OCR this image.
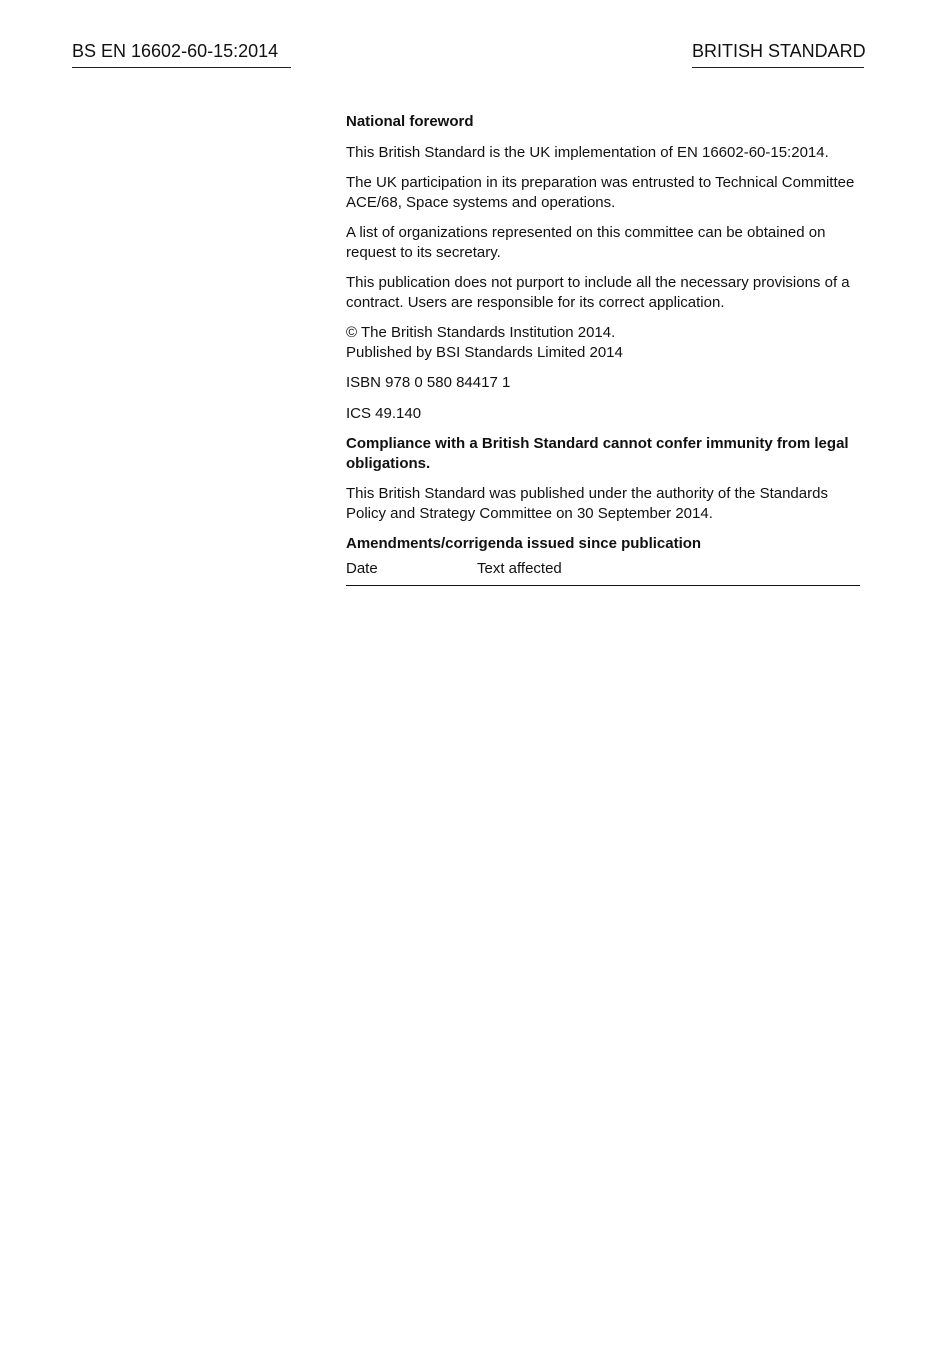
BS EN 16602-60-15:2014	BRITISH STANDARD

National foreword

This British Standard is the UK implementation of EN 16602-60-15:2014.

The UK participation in its preparation was entrusted to Technical Committee ACE/68, Space systems and operations.

A list of organizations represented on this committee can be obtained on request to its secretary.

This publication does not purport to include all the necessary provisions of a contract. Users are responsible for its correct application.

© The British Standards Institution 2014.
Published by BSI Standards Limited 2014

ISBN 978 0 580 84417 1

ICS 49.140

Compliance with a British Standard cannot confer immunity from legal obligations.

This British Standard was published under the authority of the Standards Policy and Strategy Committee on 30 September 2014.

Amendments/corrigenda issued since publication
Date	Text affected
